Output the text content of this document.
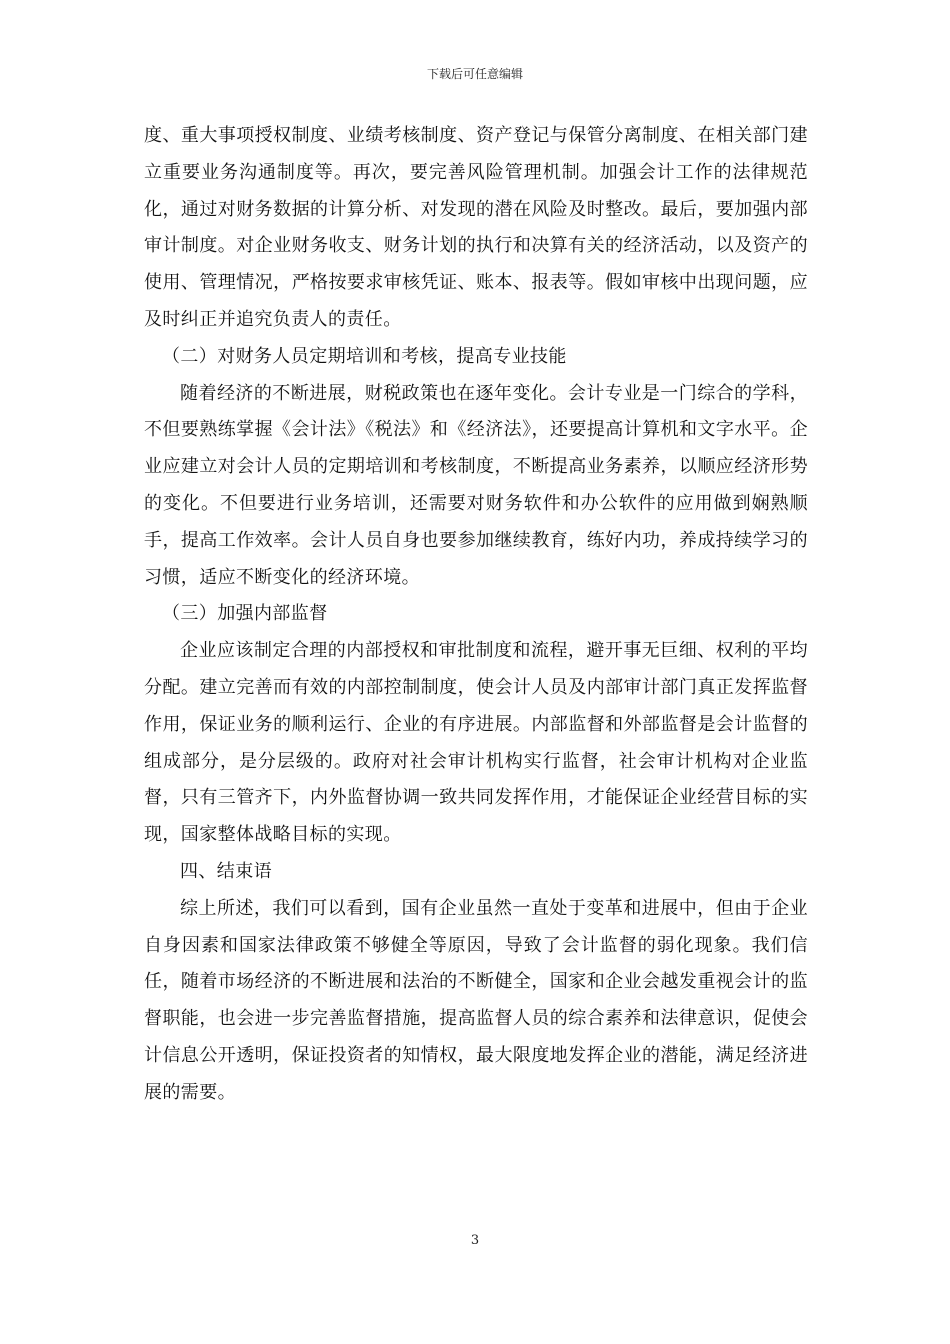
下载后可任意编辑

度、重大事项授权制度、业绩考核制度、资产登记与保管分离制度、在相关部门建立重要业务沟通制度等。再次，要完善风险管理机制。加强会计工作的法律规范化，通过对财务数据的计算分析、对发现的潜在风险及时整改。最后，要加强内部审计制度。对企业财务收支、财务计划的执行和决算有关的经济活动，以及资产的使用、管理情况，严格按要求审核凭证、账本、报表等。假如审核中出现问题，应及时纠正并追究负责人的责任。

（二）对财务人员定期培训和考核，提高专业技能

随着经济的不断进展，财税政策也在逐年变化。会计专业是一门综合的学科，不但要熟练掌握《会计法》《税法》和《经济法》，还要提高计算机和文字水平。企业应建立对会计人员的定期培训和考核制度，不断提高业务素养，以顺应经济形势的变化。不但要进行业务培训，还需要对财务软件和办公软件的应用做到娴熟顺手，提高工作效率。会计人员自身也要参加继续教育，练好内功，养成持续学习的习惯，适应不断变化的经济环境。

（三）加强内部监督

企业应该制定合理的内部授权和审批制度和流程，避开事无巨细、权利的平均分配。建立完善而有效的内部控制制度，使会计人员及内部审计部门真正发挥监督作用，保证业务的顺利运行、企业的有序进展。内部监督和外部监督是会计监督的组成部分，是分层级的。政府对社会审计机构实行监督，社会审计机构对企业监督，只有三管齐下，内外监督协调一致共同发挥作用，才能保证企业经营目标的实现，国家整体战略目标的实现。

四、结束语

综上所述，我们可以看到，国有企业虽然一直处于变革和进展中，但由于企业自身因素和国家法律政策不够健全等原因，导致了会计监督的弱化现象。我们信任，随着市场经济的不断进展和法治的不断健全，国家和企业会越发重视会计的监督职能，也会进一步完善监督措施，提高监督人员的综合素养和法律意识，促使会计信息公开透明，保证投资者的知情权，最大限度地发挥企业的潜能，满足经济进展的需要。

3
